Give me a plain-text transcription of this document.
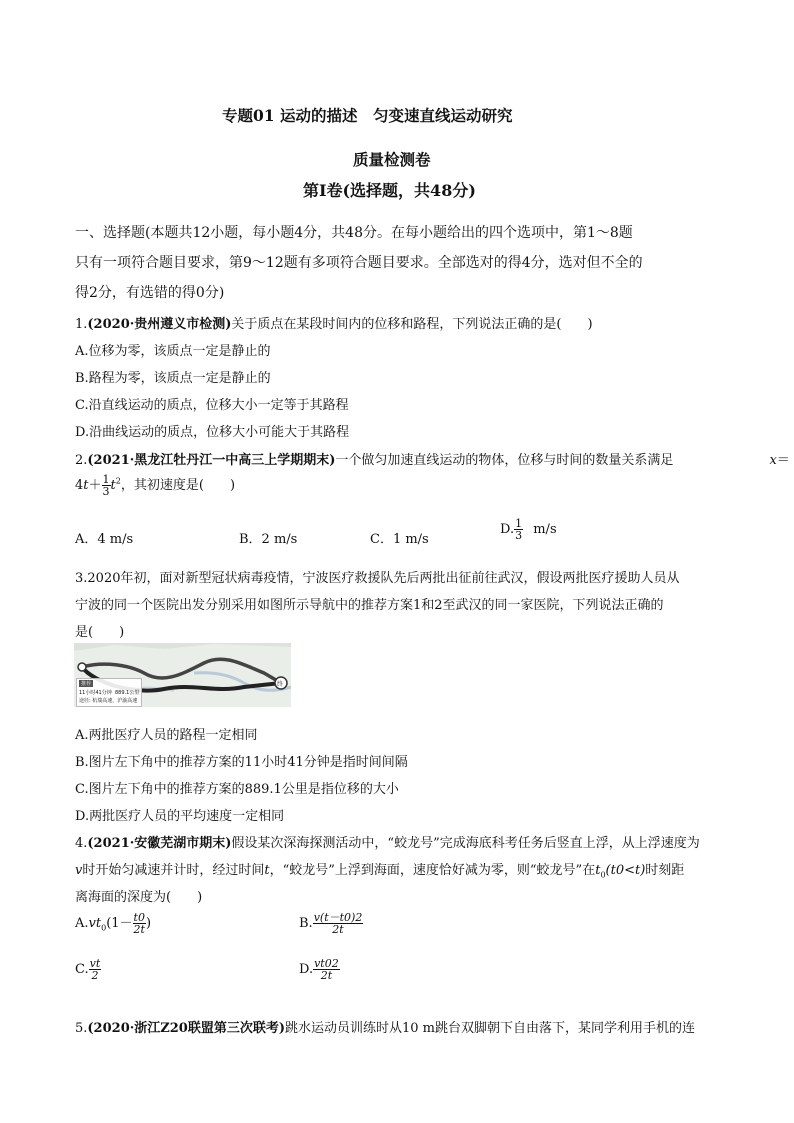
专题01 运动的描述　匀变速直线运动研究
质量检测卷
第Ⅰ卷(选择题，共48分)
一、选择题(本题共12小题，每小题4分，共48分。在每小题给出的四个选项中，第1～8题
只有一项符合题目要求，第9～12题有多项符合题目要求。全部选对的得4分，选对但不全的
得2分，有选错的得0分)
1.(2020·贵州遵义市检测)关于质点在某段时间内的位移和路程，下列说法正确的是( )
A.位移为零，该质点一定是静止的
B.路程为零，该质点一定是静止的
C.沿直线运动的质点，位移大小一定等于其路程
D.沿曲线运动的质点，位移大小可能大于其路程
2.(2021·黑龙江牡丹江一中高三上学期期末)一个做匀加速直线运动的物体，位移与时间的数量关系满足	x＝
$4t+ \frac{1}{3} t^2$，其初速度是( )
A．4 m/s	B．2 m/s	C．1 m/s
D. $\frac{1}{3} m/s$
3.2020年初，面对新型冠状病毒疫情，宁波医疗救援队先后两批出征前往武汉，假设两批医疗援助人员从
宁波的同一个医院出发分别采用如图所示导航中的推荐方案1和2至武汉的同一家医院，下列说法正确的
是( )
终
推荐
11小时41分钟 889.1公里
途径: 杭瑞高速，沪渝高速
A.两批医疗人员的路程一定相同
B.图片左下角中的推荐方案的11小时41分钟是指时间间隔
C.图片左下角中的推荐方案的889.1公里是指位移的大小
D.两批医疗人员的平均速度一定相同
4.(2021·安徽芜湖市期末)假设某次深海探测活动中，“蛟龙号”完成海底科考任务后竖直上浮，从上浮速度为
v时开始匀减速并计时，经过时间t，“蛟龙号”上浮到海面，速度恰好减为零，则“蛟龙号”在$t_0(t0<t)$时刻距
离海面的深度为( )
$A.vt_0(1- \frac{t0}{2t}$ )	B. $\frac{v(t-t0)2}{2t}$
C. $\frac{vt}{2}$	D. $\frac{vt02}{2t}$
5.(2020·浙江Z20联盟第三次联考)跳水运动员训练时从10 m跳台双脚朝下自由落下，某同学利用手机的连
